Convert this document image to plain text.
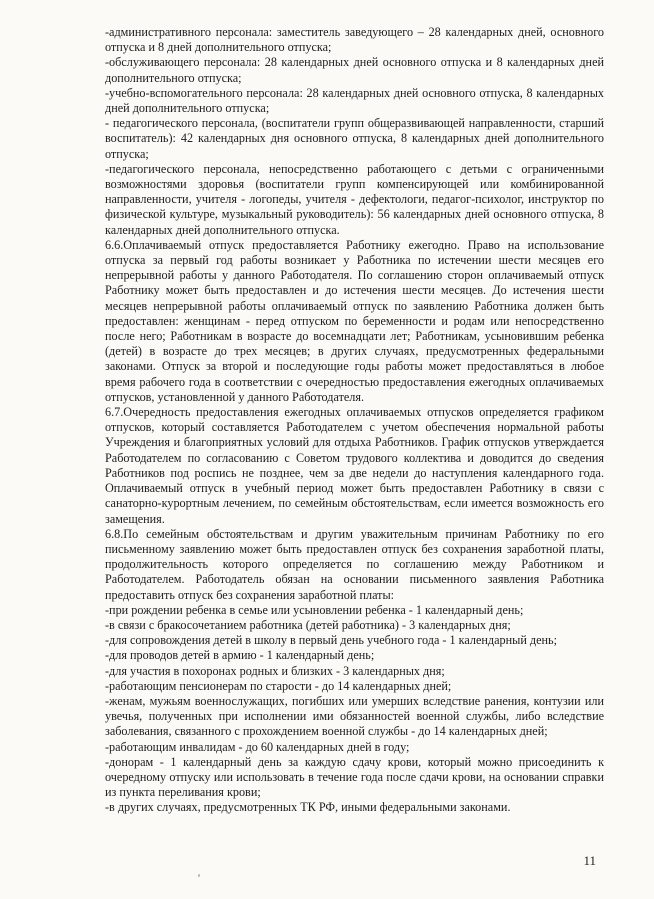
-административного персонала: заместитель заведующего – 28 календарных дней, основного отпуска и 8 дней дополнительного отпуска;

-обслуживающего персонала: 28 календарных дней основного отпуска и 8 календарных дней дополнительного отпуска;

-учебно-вспомогательного персонала: 28 календарных дней основного отпуска, 8 календарных дней дополнительного отпуска;

- педагогического персонала, (воспитатели групп общеразвивающей направленности, старший воспитатель): 42 календарных дня основного отпуска, 8 календарных дней дополнительного отпуска;

-педагогического персонала, непосредственно работающего с детьми с ограниченными возможностями здоровья (воспитатели групп компенсирующей или комбинированной направленности, учителя - логопеды, учителя - дефектологи, педагог-психолог, инструктор по физической культуре, музыкальный руководитель): 56 календарных дней основного отпуска, 8 календарных дней дополнительного отпуска.

6.6.Оплачиваемый отпуск предоставляется Работнику ежегодно. Право на использование отпуска за первый год работы возникает у Работника по истечении шести месяцев его непрерывной работы у данного Работодателя. По соглашению сторон оплачиваемый отпуск Работнику может быть предоставлен и до истечения шести месяцев. До истечения шести месяцев непрерывной работы оплачиваемый отпуск по заявлению Работника должен быть предоставлен: женщинам - перед отпуском по беременности и родам или непосредственно после него; Работникам в возрасте до восемнадцати лет; Работникам, усыновившим ребенка (детей) в возрасте до трех месяцев; в других случаях, предусмотренных федеральными законами. Отпуск за второй и последующие годы работы может предоставляться в любое время рабочего года в соответствии с очередностью предоставления ежегодных оплачиваемых отпусков, установленной у данного Работодателя.

6.7.Очередность предоставления ежегодных оплачиваемых отпусков определяется графиком отпусков, который составляется Работодателем с учетом обеспечения нормальной работы Учреждения и благоприятных условий для отдыха Работников. График отпусков утверждается Работодателем по согласованию с Советом трудового коллектива и доводится до сведения Работников под роспись не позднее, чем за две недели до наступления календарного года. Оплачиваемый отпуск в учебный период может быть предоставлен Работнику в связи с санаторно-курортным лечением, по семейным обстоятельствам, если имеется возможность его замещения.

6.8.По семейным обстоятельствам и другим уважительным причинам Работнику по его письменному заявлению может быть предоставлен отпуск без сохранения заработной платы, продолжительность которого определяется по соглашению между Работником и Работодателем. Работодатель обязан на основании письменного заявления Работника предоставить отпуск без сохранения заработной платы:

-при рождении ребенка в семье или усыновлении ребенка - 1 календарный день;

-в связи с бракосочетанием работника (детей работника) - 3 календарных дня;

-для сопровождения детей в школу в первый день учебного года - 1 календарный день;

-для проводов детей в армию - 1 календарный день;

-для участия в похоронах родных и близких - 3 календарных дня;

-работающим пенсионерам по старости - до 14 календарных дней;

-женам, мужьям военнослужащих, погибших или умерших вследствие ранения, контузии или увечья, полученных при исполнении ими обязанностей военной службы, либо вследствие заболевания, связанного с прохождением военной службы - до 14 календарных дней;

-работающим инвалидам - до 60 календарных дней в году;

-донорам - 1 календарный день за каждую сдачу крови, который можно присоединить к очередному отпуску или использовать в течение года после сдачи крови, на основании справки из пункта переливания крови;

-в других случаях, предусмотренных ТК РФ, иными федеральными законами.

11
